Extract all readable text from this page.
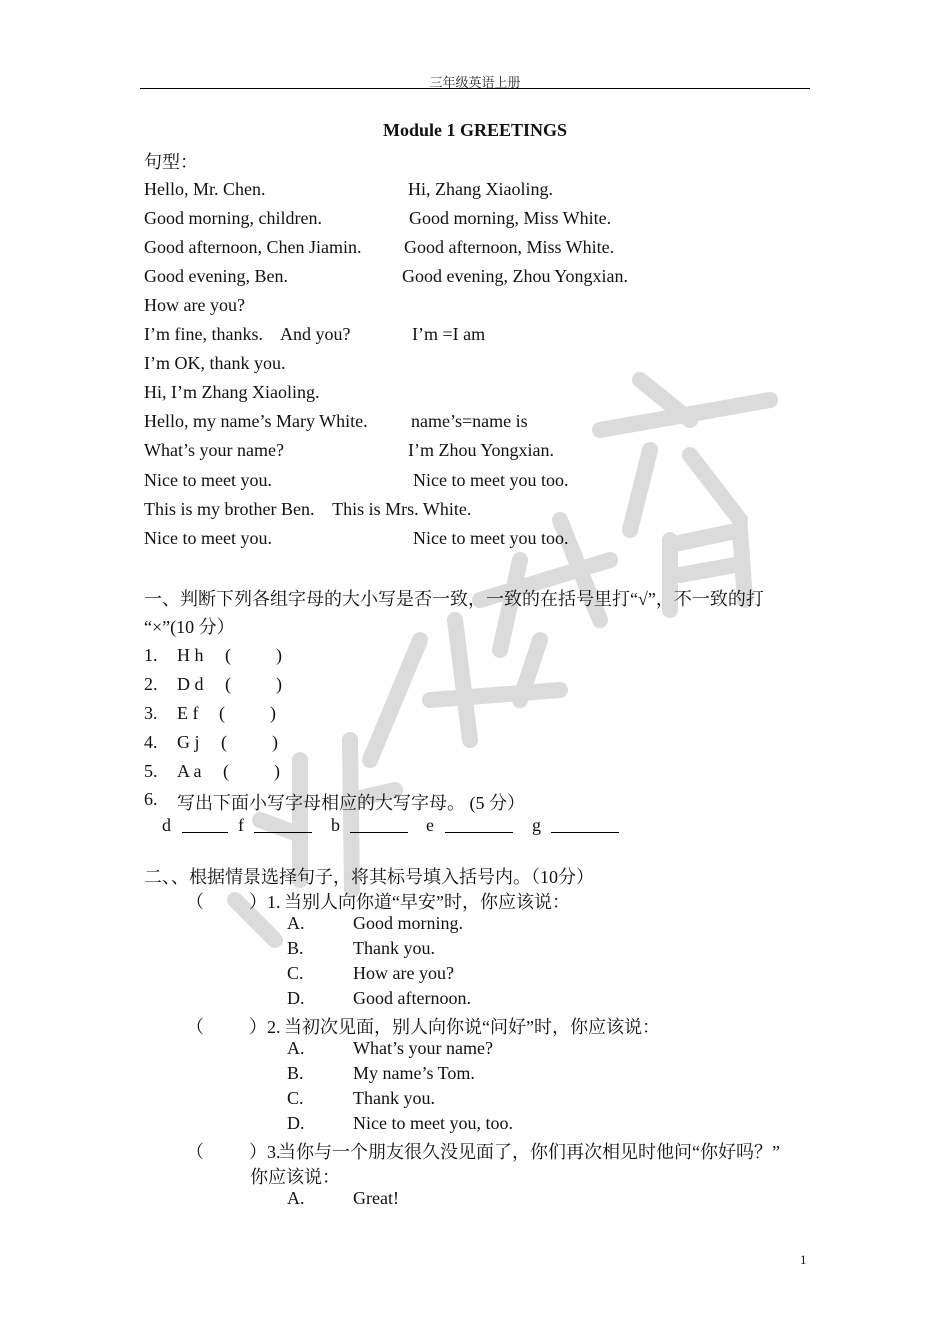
非华教育
三年级英语上册
Module 1 GREETINGS
句型：
Hello, Mr. Chen.	Hi, Zhang Xiaoling.
Good morning, children.	Good morning, Miss White.
Good afternoon, Chen Jiamin. Good afternoon, Miss White.
Good evening, Ben.	Good evening, Zhou Yongxian.
How are you?
I’m fine, thanks.    And you?	I’m =I am
I’m OK, thank you.
Hi, I’m Zhang Xiaoling.
Hello, my name’s Mary White. name’s=name is
What’s your name?	I’m Zhou Yongxian.
Nice to meet you.	Nice to meet you too.
This is my brother Ben.    This is Mrs. White.
Nice to meet you.	Nice to meet you too.
一、判断下列各组字母的大小写是否一致，一致的在括号里打“√”，不一致的打
“×”(10 分）
1. H h (          )
2. D d (          )
3. E f (          )
4. G j (          )
5. A a (          )
6. 写出下面小写字母相应的大写字母。 (5 分）
d	f	b	e	g
二、、根据情景选择句子，将其标号填入括号内。（10分）
（          ）1. 当别人向你道“早安”时，你应该说：
A.	Good morning.
B.	Thank you.
C.	How are you?
D.	Good afternoon.
（          ）2. 当初次见面，别人向你说“问好”时，你应该说：
A.	What’s your name?
B.	My name’s Tom.
C.	Thank you.
D.	Nice to meet you, too.
（          ）3.
当你与一个朋友很久没见面了，你们再次相见时他问“你好吗？”
你应该说：
A.	Great!
1
